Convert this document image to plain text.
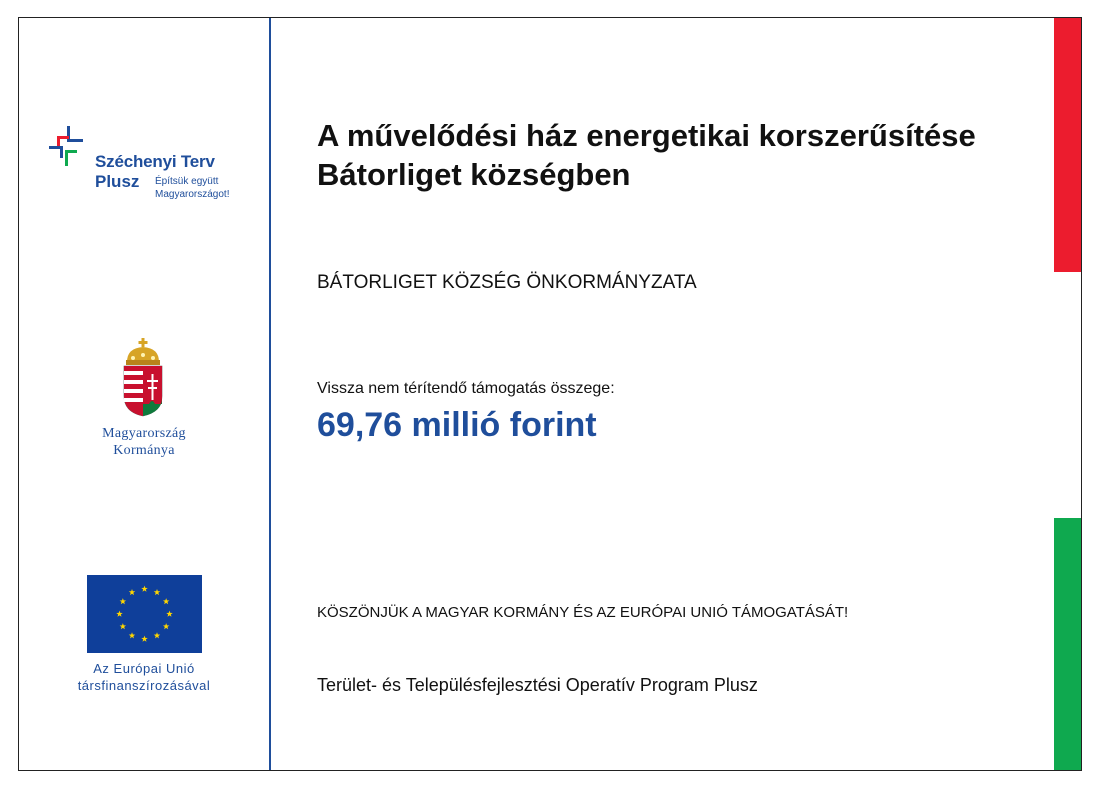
Széchenyi Terv
Plusz Építsük együtt
Magyarországot!
Magyarország
Kormánya
Az Európai Unió
társfinanszírozásával
A művelődési ház energetikai korszerűsítése Bátorliget községben
BÁTORLIGET KÖZSÉG ÖNKORMÁNYZATA
Vissza nem térítendő támogatás összege:
69,76 millió forint
KÖSZÖNJÜK A MAGYAR KORMÁNY ÉS AZ EURÓPAI UNIÓ TÁMOGATÁSÁT!
Terület- és Településfejlesztési Operatív Program Plusz
